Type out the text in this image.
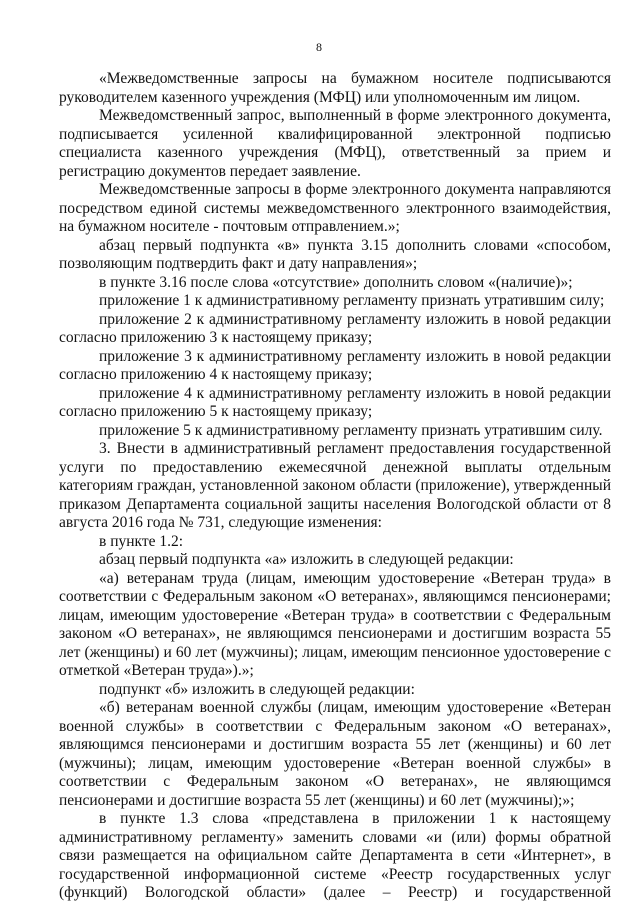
8

«Межведомственные запросы на бумажном носителе подписываются руководителем казенного учреждения (МФЦ) или уполномоченным им лицом.

Межведомственный запрос, выполненный в форме электронного документа, подписывается усиленной квалифицированной электронной подписью специалиста казенного учреждения (МФЦ), ответственный за прием и регистрацию документов передает заявление.

Межведомственные запросы в форме электронного документа направляются посредством единой системы межведомственного электронного взаимодействия, на бумажном носителе - почтовым отправлением.»;

абзац первый подпункта «в» пункта 3.15 дополнить словами «способом, позволяющим подтвердить факт и дату направления»;

в пункте 3.16 после слова «отсутствие» дополнить словом «(наличие)»;

приложение 1 к административному регламенту признать утратившим силу;

приложение 2 к административному регламенту изложить в новой редакции согласно приложению 3 к настоящему приказу;

приложение 3 к административному регламенту изложить в новой редакции согласно приложению 4 к настоящему приказу;

приложение 4 к административному регламенту изложить в новой редакции согласно приложению 5 к настоящему приказу;

приложение 5 к административному регламенту признать утратившим силу.

3. Внести в административный регламент предоставления государственной услуги по предоставлению ежемесячной денежной выплаты отдельным категориям граждан, установленной законом области (приложение), утвержденный приказом Департамента социальной защиты населения Вологодской области от 8 августа 2016 года № 731, следующие изменения:

в пункте 1.2:

абзац первый подпункта «а» изложить в следующей редакции:

«а) ветеранам труда (лицам, имеющим удостоверение «Ветеран труда» в соответствии с Федеральным законом «О ветеранах», являющимся пенсионерами; лицам, имеющим удостоверение «Ветеран труда» в соответствии с Федеральным законом «О ветеранах», не являющимся пенсионерами и достигшим возраста 55 лет (женщины) и 60 лет (мужчины); лицам, имеющим пенсионное удостоверение с отметкой «Ветеран труда»).»;

подпункт «б» изложить в следующей редакции:

«б) ветеранам военной службы (лицам, имеющим удостоверение «Ветеран военной службы» в соответствии с Федеральным законом «О ветеранах», являющимся пенсионерами и достигшим возраста 55 лет (женщины) и 60 лет (мужчины); лицам, имеющим удостоверение «Ветеран военной службы» в соответствии с Федеральным законом «О ветеранах», не являющимся пенсионерами и достигшие возраста 55 лет (женщины) и 60 лет (мужчины);»;

в пункте 1.3 слова «представлена в приложении 1 к настоящему административному регламенту» заменить словами «и (или) формы обратной связи размещается на официальном сайте Департамента в сети «Интернет», в государственной информационной системе «Реестр государственных услуг (функций) Вологодской области» (далее – Реестр) и государственной
